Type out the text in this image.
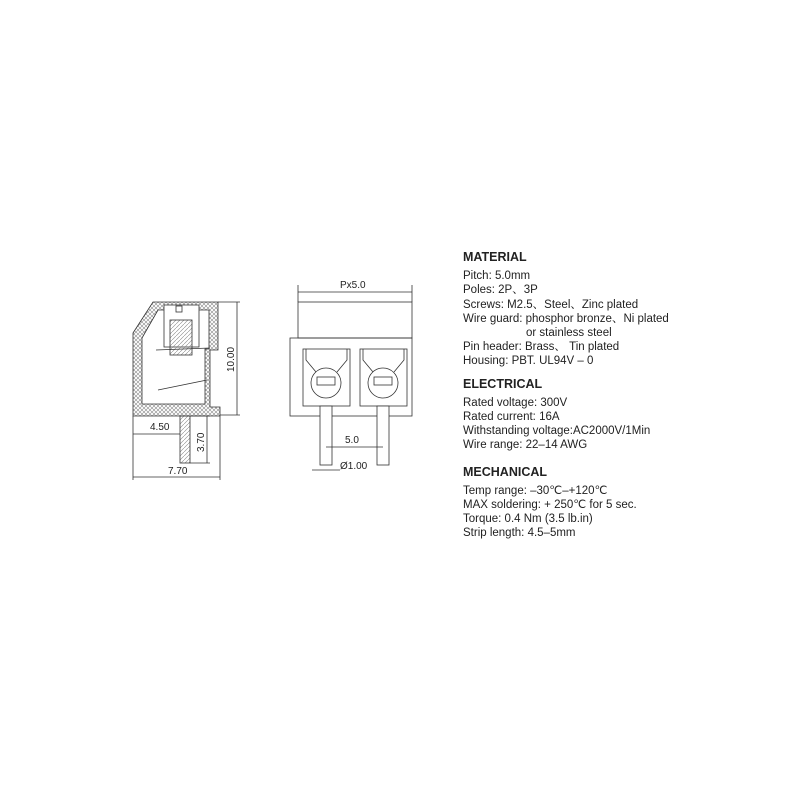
10.00
4.50
3.70
7.70
Px5.0
5.0
Ø1.00
MATERIAL
Pitch: 5.0mm
Poles: 2P、3P
Screws: M2.5、Steel、Zinc plated
Wire guard: phosphor bronze、Ni plated
or stainless steel
Pin header: Brass、 Tin plated
Housing: PBT. UL94V – 0
ELECTRICAL
Rated voltage: 300V
Rated current: 16A
Withstanding voltage:AC2000V/1Min
Wire range: 22–14 AWG
MECHANICAL
Temp range: –30℃–+120℃
MAX soldering: + 250℃ for 5 sec.
Torque: 0.4 Nm (3.5 lb.in)
Strip length: 4.5–5mm
